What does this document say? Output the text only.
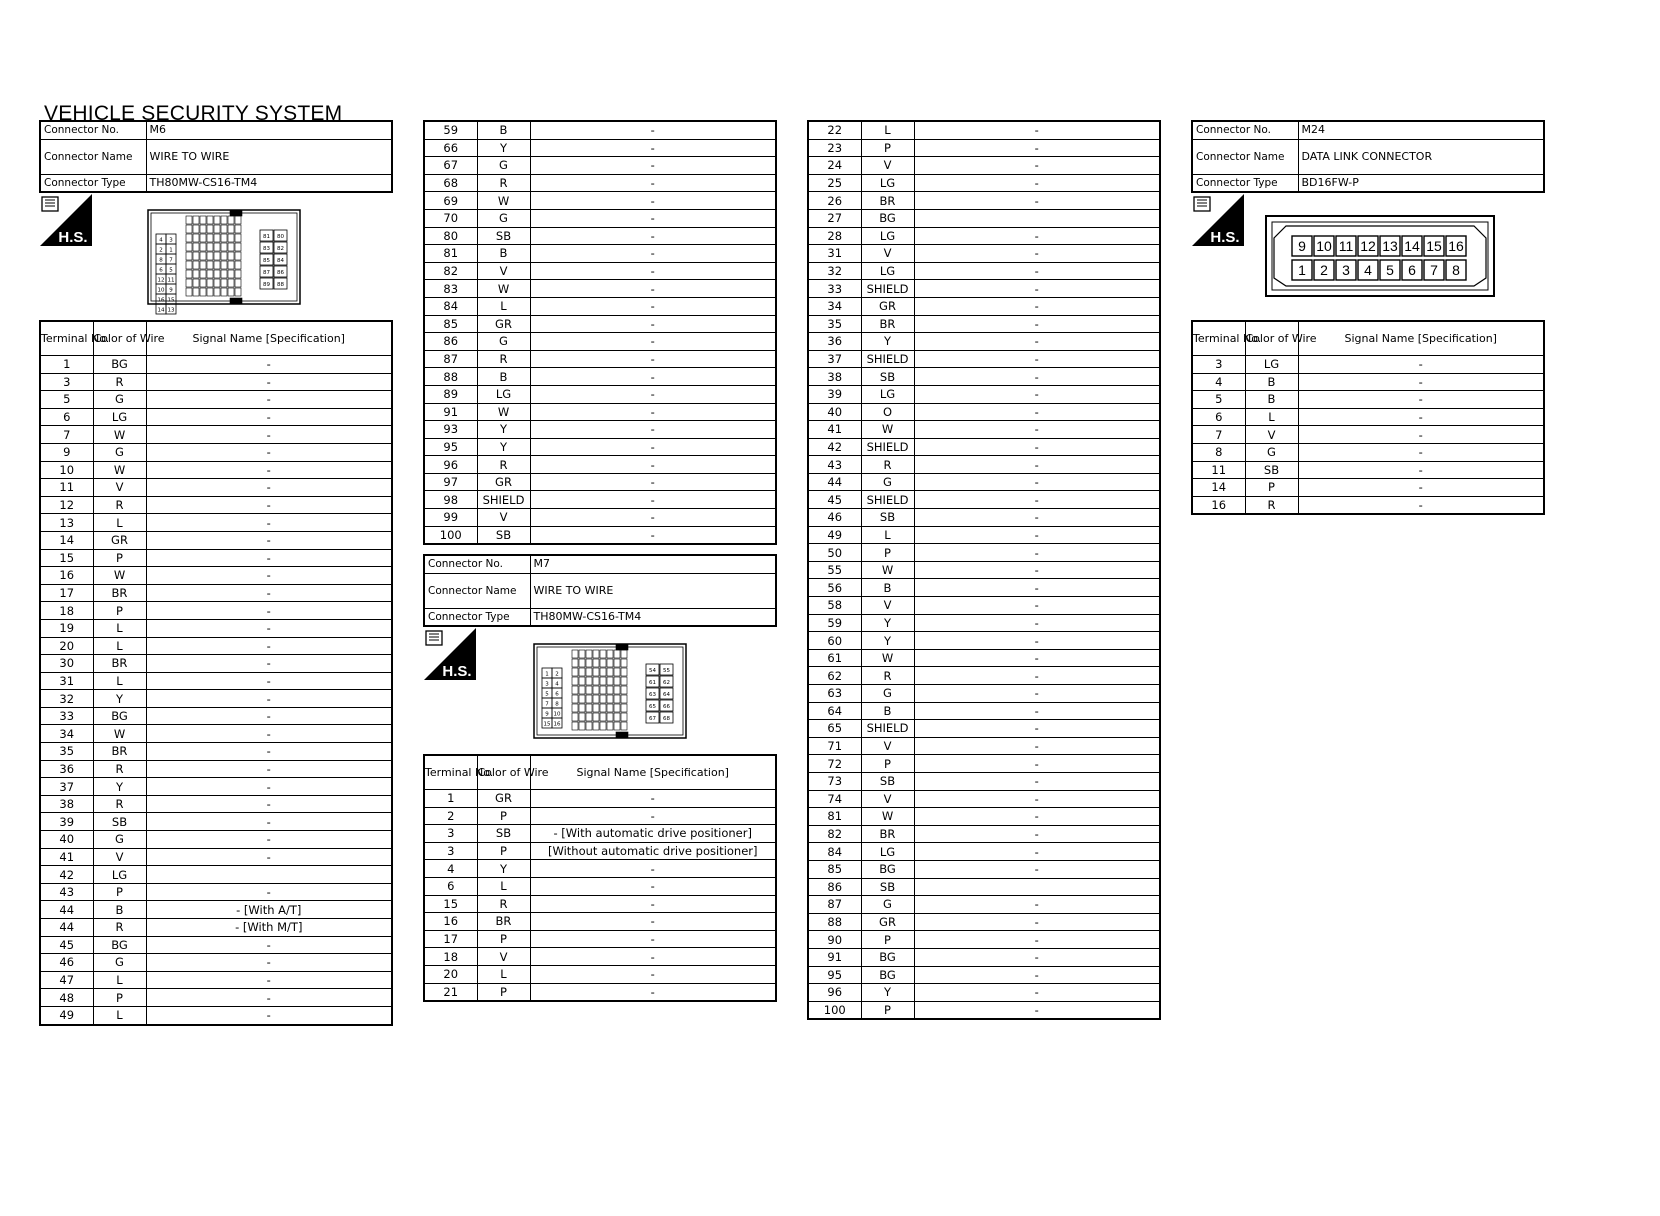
VEHICLE SECURITY SYSTEM
Connector No.	M6
Connector Name	WIRE TO WIRE
Connector Type	TH80MW-CS16-TM4
H.S.	4 3
2 1
8 7
6 5
12 11
10 9
16 15
14 13
81 80
83 82
85 84
87 86
89 88
Terminal No.	Color of Wire	Signal Name [Specification]
1	BG	-
3	R	-
5	G	-
6	LG	-
7	W	-
9	G	-
10	W	-
11	V	-
12	R	-
13	L	-
14	GR	-
15	P	-
16	W	-
17	BR	-
18	P	-
19	L	-
20	L	-
30	BR	-
31	L	-
32	Y	-
33	BG	-
34	W	-
35	BR	-
36	R	-
37	Y	-
38	R	-
39	SB	-
40	G	-
41	V	-
42	LG	
43	P	-
44	B	- [With A/T]
44	R	- [With M/T]
45	BG	-
46	G	-
47	L	-
48	P	-
49	L	-
59	B	-
66	Y	-
67	G	-
68	R	-
69	W	-
70	G	-
80	SB	-
81	B	-
82	V	-
83	W	-
84	L	-
85	GR	-
86	G	-
87	R	-
88	B	-
89	LG	-
91	W	-
93	Y	-
95	Y	-
96	R	-
97	GR	-
98	SHIELD	-
99	V	-
100	SB	-
Connector No.	M7
Connector Name	WIRE TO WIRE
Connector Type	TH80MW-CS16-TM4
H.S.	1 2
3 4
5 6
7 8
9 10
15 16
54 55
61 62
63 64
65 66
67 68
Terminal No.	Color of Wire	Signal Name [Specification]
1	GR	-
2	P	-
3	SB	- [With automatic drive positioner]
3	P	[Without automatic drive positioner]
4	Y	-
6	L	-
15	R	-
16	BR	-
17	P	-
18	V	-
20	L	-
21	P	-
22	L	-
23	P	-
24	V	-
25	LG	-
26	BR	-
27	BG	
28	LG	-
31	V	-
32	LG	-
33	SHIELD	-
34	GR	-
35	BR	-
36	Y	-
37	SHIELD	-
38	SB	-
39	LG	-
40	O	-
41	W	-
42	SHIELD	-
43	R	-
44	G	-
45	SHIELD	-
46	SB	-
49	L	-
50	P	-
55	W	-
56	B	-
58	V	-
59	Y	-
60	Y	-
61	W	-
62	R	-
63	G	-
64	B	-
65	SHIELD	-
71	V	-
72	P	-
73	SB	-
74	V	-
81	W	-
82	BR	-
84	LG	-
85	BG	-
86	SB	
87	G	-
88	GR	-
90	P	-
91	BG	-
95	BG	-
96	Y	-
100	P	-
Connector No.	M24
Connector Name	DATA LINK CONNECTOR
Connector Type	BD16FW-P
H.S.	9 10 11 12 13 14 15 16
1 2 3 4 5 6 7 8
Terminal No.	Color of Wire	Signal Name [Specification]
3	LG	-
4	B	-
5	B	-
6	L	-
7	V	-
8	G	-
11	SB	-
14	P	-
16	R	-
